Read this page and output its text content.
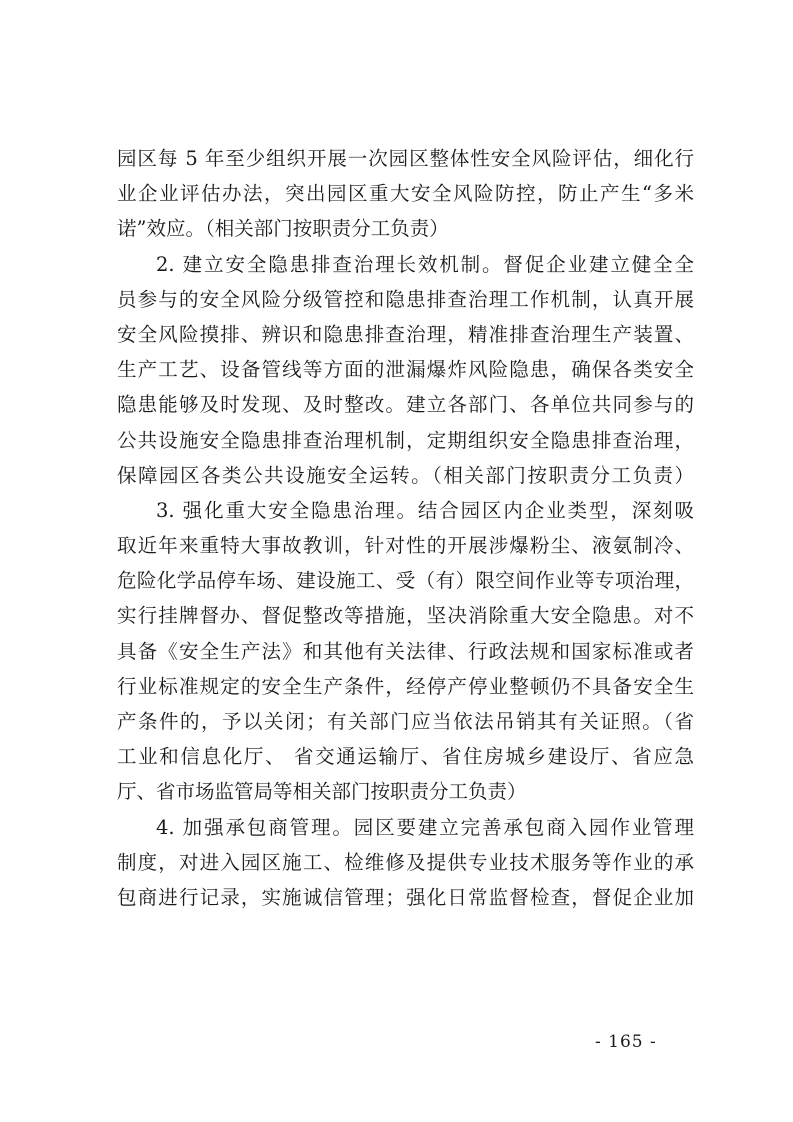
园区每 5 年至少组织开展一次园区整体性安全风险评估，细化行
业企业评估办法，突出园区重大安全风险防控，防止产生“多米
诺”效应。（相关部门按职责分工负责）
2. 建立安全隐患排查治理长效机制。督促企业建立健全全
员参与的安全风险分级管控和隐患排查治理工作机制，认真开展
安全风险摸排、辨识和隐患排查治理，精准排查治理生产装置、
生产工艺、设备管线等方面的泄漏爆炸风险隐患，确保各类安全
隐患能够及时发现、及时整改。建立各部门、各单位共同参与的
公共设施安全隐患排查治理机制，定期组织安全隐患排查治理，
保障园区各类公共设施安全运转。（相关部门按职责分工负责）
3. 强化重大安全隐患治理。结合园区内企业类型，深刻吸
取近年来重特大事故教训，针对性的开展涉爆粉尘、液氨制冷、
危险化学品停车场、建设施工、受（有）限空间作业等专项治理，
实行挂牌督办、督促整改等措施，坚决消除重大安全隐患。对不
具备《安全生产法》和其他有关法律、行政法规和国家标准或者
行业标准规定的安全生产条件，经停产停业整顿仍不具备安全生
产条件的，予以关闭；有关部门应当依法吊销其有关证照。（省
工业和信息化厅、 省交通运输厅、省住房城乡建设厅、省应急
厅、省市场监管局等相关部门按职责分工负责）
4. 加强承包商管理。园区要建立完善承包商入园作业管理
制度，对进入园区施工、检维修及提供专业技术服务等作业的承
包商进行记录，实施诚信管理；强化日常监督检查，督促企业加
- 165 -
